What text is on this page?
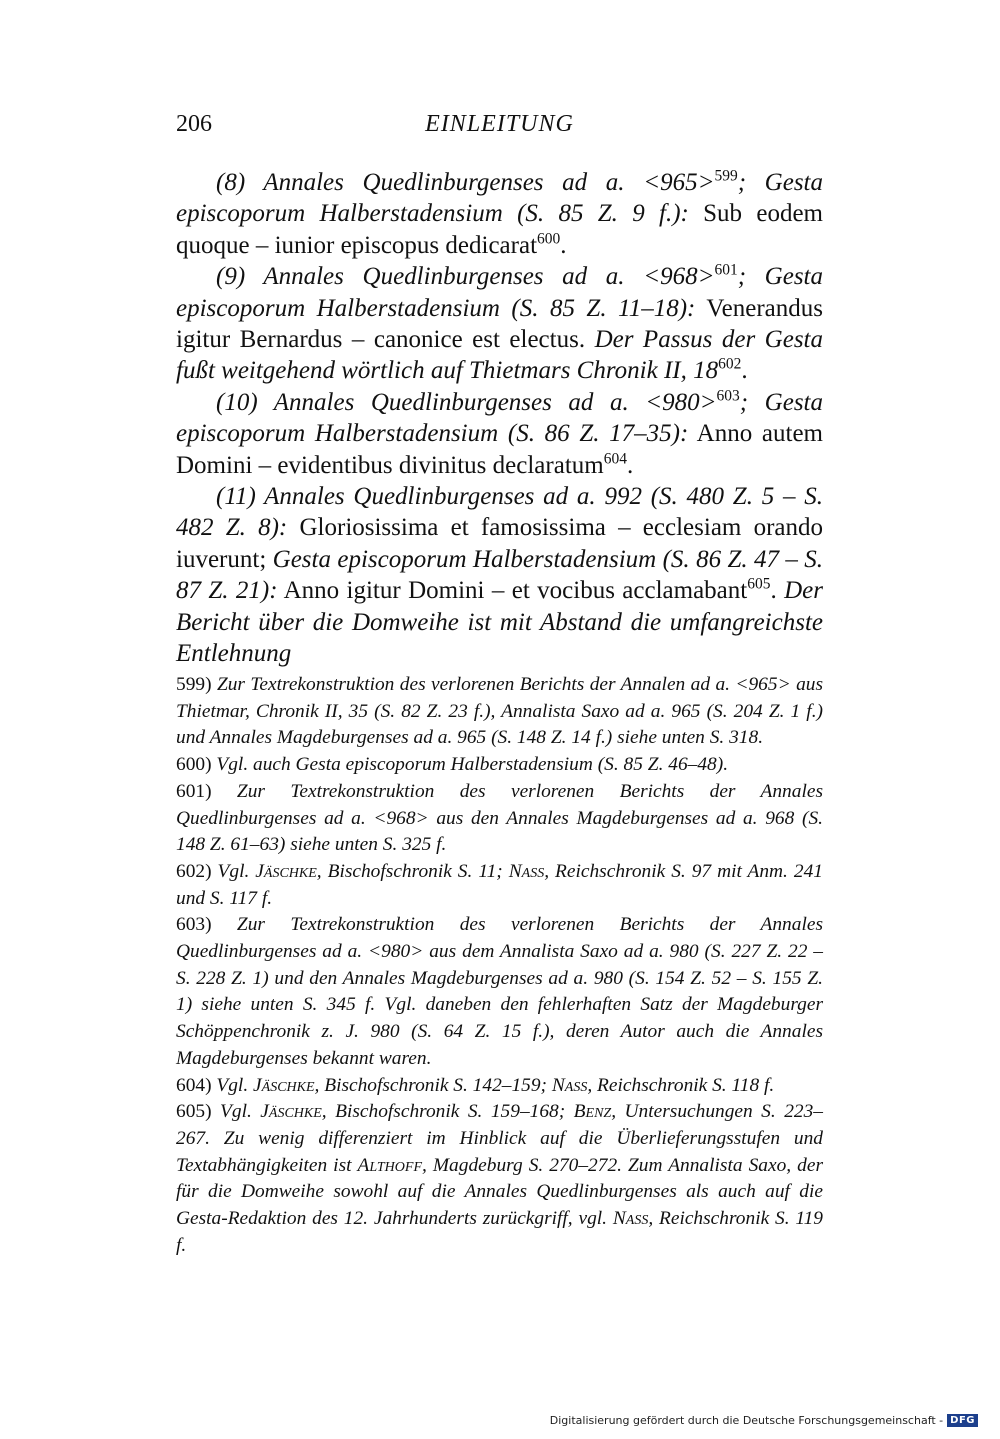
206	EINLEITUNG

(8) Annales Quedlinburgenses ad a. <965>$^{599}$; Gesta episcoporum Halberstadensium (S. 85 Z. 9 f.): Sub eodem quoque – iunior episcopus dedicarat$^{600}$.

(9) Annales Quedlinburgenses ad a. <968>$^{601}$; Gesta episcoporum Halberstadensium (S. 85 Z. 11–18): Venerandus igitur Bernardus – canonice est electus. Der Passus der Gesta fußt weitgehend wörtlich auf Thietmars Chronik II, $18^{602}$.

(10) Annales Quedlinburgenses ad a. <980>$^{603}$; Gesta episcoporum Halberstadensium (S. 86 Z. 17–35): Anno autem Domini – evidentibus divinitus declaratum$^{604}$.

(11) Annales Quedlinburgenses ad a. 992 (S. 480 Z. 5 – S. 482 Z. 8): Gloriosissima et famosissima – ecclesiam orando iuverunt; Gesta episcoporum Halberstadensium (S. 86 Z. 47 – S. 87 Z. 21): Anno igitur Domini – et vocibus acclamabant$^{605}$. Der Bericht über die Domweihe ist mit Abstand die umfangreichste Entlehnung

599) Zur Textrekonstruktion des verlorenen Berichts der Annalen ad a. <965> aus Thietmar, Chronik II, 35 (S. 82 Z. 23 f.), Annalista Saxo ad a. 965 (S. 204 Z. 1 f.) und Annales Magdeburgenses ad a. 965 (S. 148 Z. 14 f.) siehe unten S. 318.

600) Vgl. auch Gesta episcoporum Halberstadensium (S. 85 Z. 46–48).

601) Zur Textrekonstruktion des verlorenen Berichts der Annales Quedlinburgenses ad a. <968> aus den Annales Magdeburgenses ad a. 968 (S. 148 Z. 61–63) siehe unten S. 325 f.

602) Vgl. Jäschke, Bischofschronik S. 11; Nass, Reichschronik S. 97 mit Anm. 241 und S. 117 f.

603) Zur Textrekonstruktion des verlorenen Berichts der Annales Quedlinburgenses ad a. <980> aus dem Annalista Saxo ad a. 980 (S. 227 Z. 22 – S. 228 Z. 1) und den Annales Magdeburgenses ad a. 980 (S. 154 Z. 52 – S. 155 Z. 1) siehe unten S. 345 f. Vgl. daneben den fehlerhaften Satz der Magdeburger Schöppenchronik z. J. 980 (S. 64 Z. 15 f.), deren Autor auch die Annales Magdeburgenses bekannt waren.

604) Vgl. Jäschke, Bischofschronik S. 142–159; Nass, Reichschronik S. 118 f.

605) Vgl. Jäschke, Bischofschronik S. 159–168; Benz, Untersuchungen S. 223–267. Zu wenig differenziert im Hinblick auf die Überlieferungsstufen und Textabhängigkeiten ist Althoff, Magdeburg S. 270–272. Zum Annalista Saxo, der für die Domweihe sowohl auf die Annales Quedlinburgenses als auch auf die Gesta-Redaktion des 12. Jahrhunderts zurückgriff, vgl. Nass, Reichschronik S. 119 f.

Digitalisierung gefördert durch die Deutsche Forschungsgemeinschaft - DFG
